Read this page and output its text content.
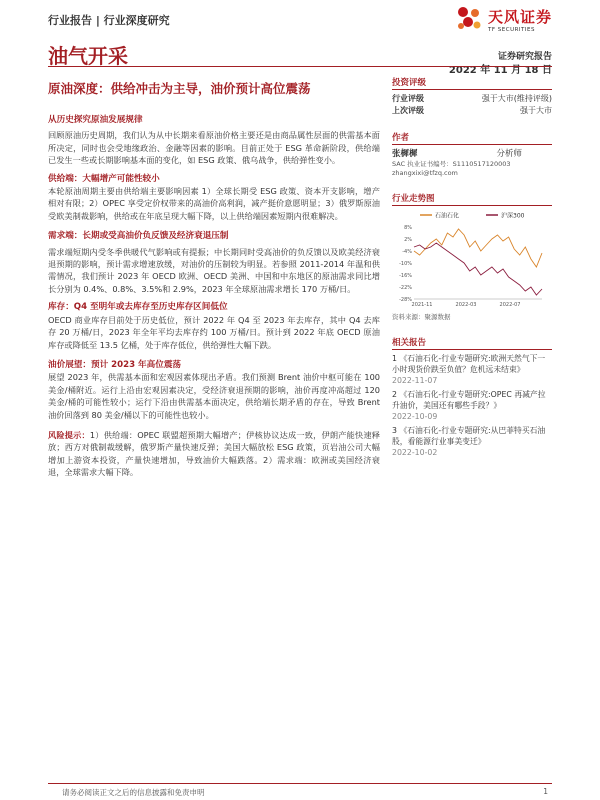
行业报告 | 行业深度研究	天风证券
TF SECURITIES
油气开采	证券研究报告
2022 年 11 月 18 日
原油深度：供给冲击为主导，油价预计高位震荡
从历史探究原油发展规律

回顾原油历史周期，我们认为从中长期来看原油价格主要还是由商品属性层面的供需基本面所决定，同时也会受地缘政治、金融等因素的影响。目前正处于 ESG 革命新阶段，供给端已发生一些或长期影响基本面的变化，如 ESG 政策、俄乌战争，供给弹性变小。

供给端：大幅增产可能性较小

本轮原油周期主要由供给端主要影响因素 1）全球长期受 ESG 政策、资本开支影响，增产相对有限；2）OPEC 享受定价权带来的高油价高利润，减产挺价意愿明显；3）俄罗斯原油受欧美制裁影响，供给或在年底呈现大幅下降，以上供给端因素短期内很难解决。

需求端：长期或受高油价负反馈及经济衰退压制

需求端短期内受冬季供暖代气影响或有提振；中长期同时受高油价的负反馈以及欧美经济衰退预期的影响，预计需求增速放缓，对油价的压制较为明显。若参照 2011-2014 年温和供需情况，我们预计 2023 年 OECD 欧洲、OECD 美洲、中国和中东地区的原油需求同比增长分别为 0.4%、0.8%、3.5%和 2.9%，2023 年全球原油需求增长 170 万桶/日。

库存：Q4 至明年或去库存至历史库存区间低位

OECD 商业库存目前处于历史低位，预计 2022 年 Q4 至 2023 年去库存，其中 Q4 去库存 20 万桶/日，2023 年全年平均去库存约 100 万桶/日。预计到 2022 年底 OECD 原油库存或降低至 13.5 亿桶，处于库存低位，供给弹性大幅下跌。

油价展望：预计 2023 年高位震荡

展望 2023 年，供需基本面和宏观因素体现出矛盾。我们预测 Brent 油价中枢可能在 100 美金/桶附近。运行上沿由宏观因素决定，受经济衰退预期的影响，油价再度冲高超过 120 美金/桶的可能性较小；运行下沿由供需基本面决定，供给端长期矛盾的存在，导致 Brent 油价回落到 80 美金/桶以下的可能性也较小。

风险提示：1）供给端：OPEC 联盟超预期大幅增产；伊核协议达成一致，伊朗产能快速释放；西方对俄制裁缓解，俄罗斯产量快速反弹；美国大幅放松 ESG 政策，页岩油公司大幅增加上游资本投资，产量快速增加，导致油价大幅跌落。2）需求端：欧洲或美国经济衰退，全球需求大幅下降。

投资评级
行业评级	强于大市(维持评级)
上次评级	强于大市
作者
张樨樨	分析师
SAC 执业证书编号：S1110517120003
zhangxixi@tfzq.com
行业走势图
石油石化	沪深300
8%
2%
-4%
-10%
-16%
-22%
-28%
2021-11	2022-03	2022-07
资料来源：聚源数据
相关报告
1 《石油石化-行业专题研究:欧洲天然气下一小时现货价跌至负值？危机远未结束》
2022-11-07
2 《石油石化-行业专题研究:OPEC 再减产拉升油价，美国还有哪些手段？》
2022-10-09
3 《石油石化-行业专题研究:从巴菲特买石油股，看能源行业事美变迁》
2022-10-02
请务必阅读正文之后的信息披露和免责申明	1
